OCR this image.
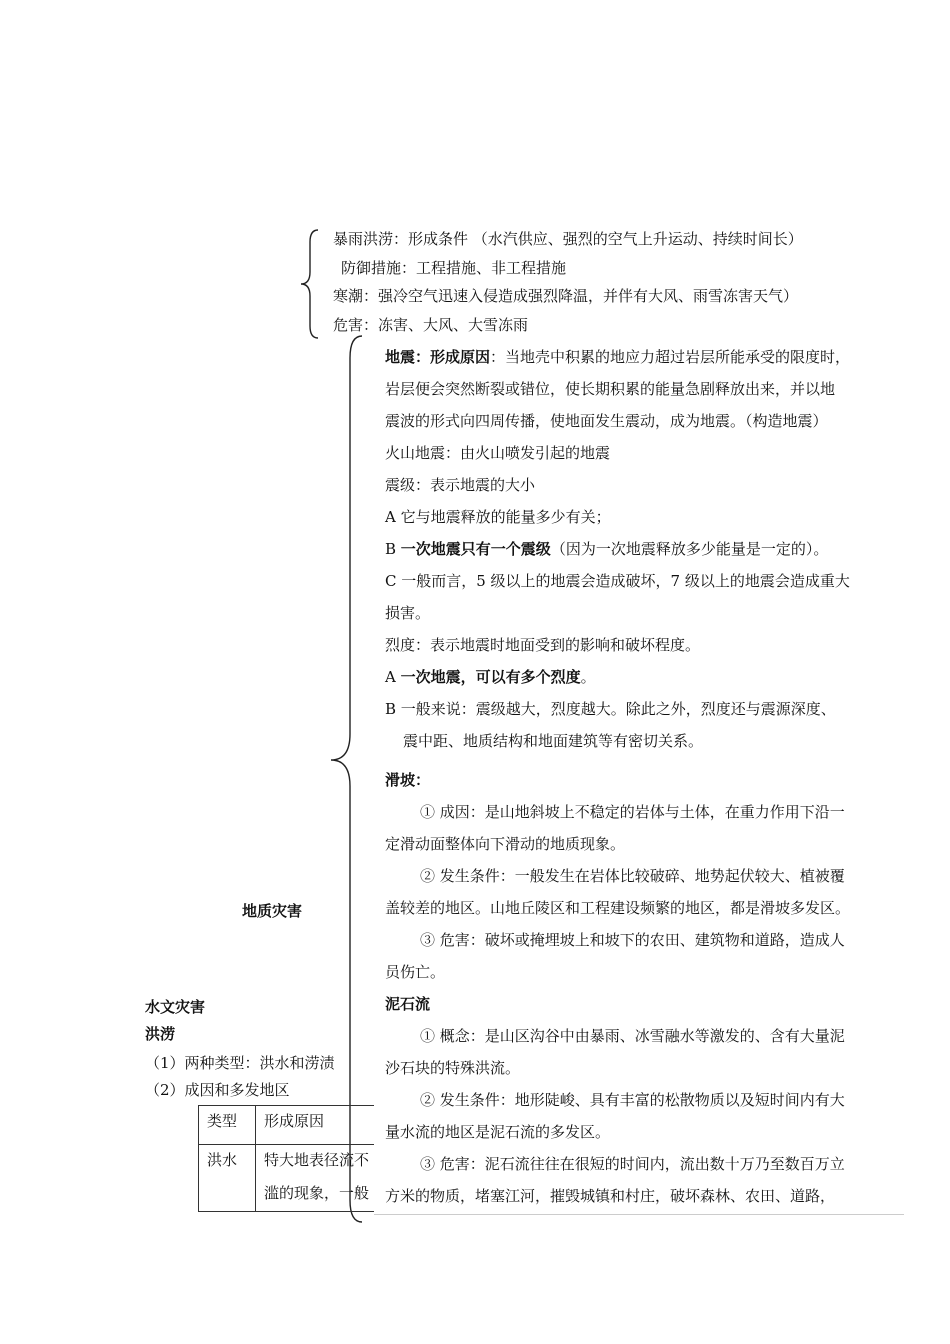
暴雨洪涝：形成条件 （水汽供应、强烈的空气上升运动、持续时间长）
防御措施：工程措施、非工程措施
寒潮：强冷空气迅速入侵造成强烈降温，并伴有大风、雨雪冻害天气）
危害：冻害、大风、大雪冻雨
地质灾害
水文灾害
洪涝
（1）两种类型：洪水和涝渍
（2）成因和多发地区
类型	形成原因
洪水	特大地表径流不
滥的现象，一般
地震：形成原因：当地壳中积累的地应力超过岩层所能承受的限度时，
岩层便会突然断裂或错位，使长期积累的能量急剧释放出来，并以地
震波的形式向四周传播，使地面发生震动，成为地震。（构造地震）
火山地震：由火山喷发引起的地震
震级：表示地震的大小
A 它与地震释放的能量多少有关；
B 一次地震只有一个震级（因为一次地震释放多少能量是一定的）。
C 一般而言，5 级以上的地震会造成破坏，7 级以上的地震会造成重大
损害。
烈度：表示地震时地面受到的影响和破坏程度。
A 一次地震，可以有多个烈度。
B 一般来说：震级越大，烈度越大。除此之外，烈度还与震源深度、
震中距、地质结构和地面建筑等有密切关系。
滑坡：
① 成因：是山地斜坡上不稳定的岩体与土体，在重力作用下沿一
定滑动面整体向下滑动的地质现象。
② 发生条件：一般发生在岩体比较破碎、地势起伏较大、植被覆
盖较差的地区。山地丘陵区和工程建设频繁的地区，都是滑坡多发区。
③ 危害：破坏或掩埋坡上和坡下的农田、建筑物和道路，造成人
员伤亡。
泥石流
① 概念：是山区沟谷中由暴雨、冰雪融水等激发的、含有大量泥
沙石块的特殊洪流。
② 发生条件：地形陡峻、具有丰富的松散物质以及短时间内有大
量水流的地区是泥石流的多发区。
③ 危害：泥石流往往在很短的时间内，流出数十万乃至数百万立
方米的物质，堵塞江河，摧毁城镇和村庄，破坏森林、农田、道路，
